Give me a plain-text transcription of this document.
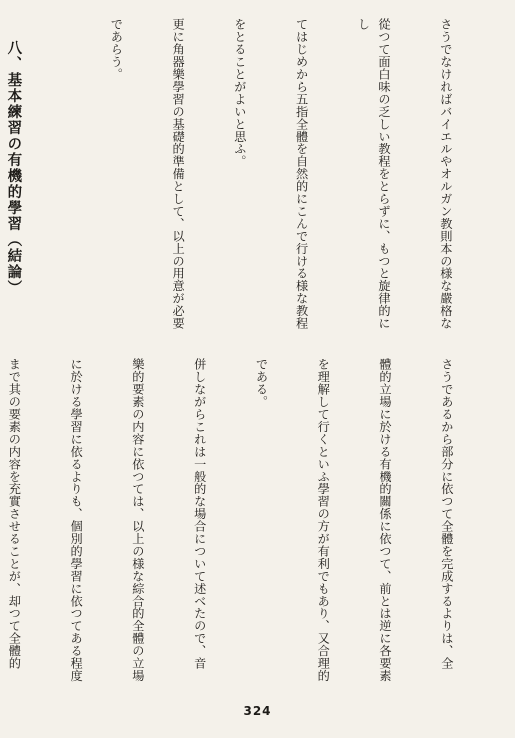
さうでなければバイエルやオルガン教則本の様な嚴格な

從つて面白味の乏しい教程をとらずに、もつと旋律的にし

てはじめから五指全體を自然的にこんで行ける様な教程

をとることがよいと思ふ。

更に角器樂學習の基礎的準備として、以上の用意が必要

であらう。

八、基本練習の有機的學習（結論）

さうであるから部分に依つて全體を完成するよりは、全

體的立場に於ける有機的關係に依つて、前とは逆に各要素

を理解して行くといふ學習の方が有利でもあり、又合理的

である。

併しながらこれは一般的な場合について述べたので、音

樂的要素の内容に依つては、以上の様な綜合的全體の立場

に於ける學習に依るよりも、個別的學習に依つてある程度

まで其の要素の内容を充實させることが、却つて全體的

324
